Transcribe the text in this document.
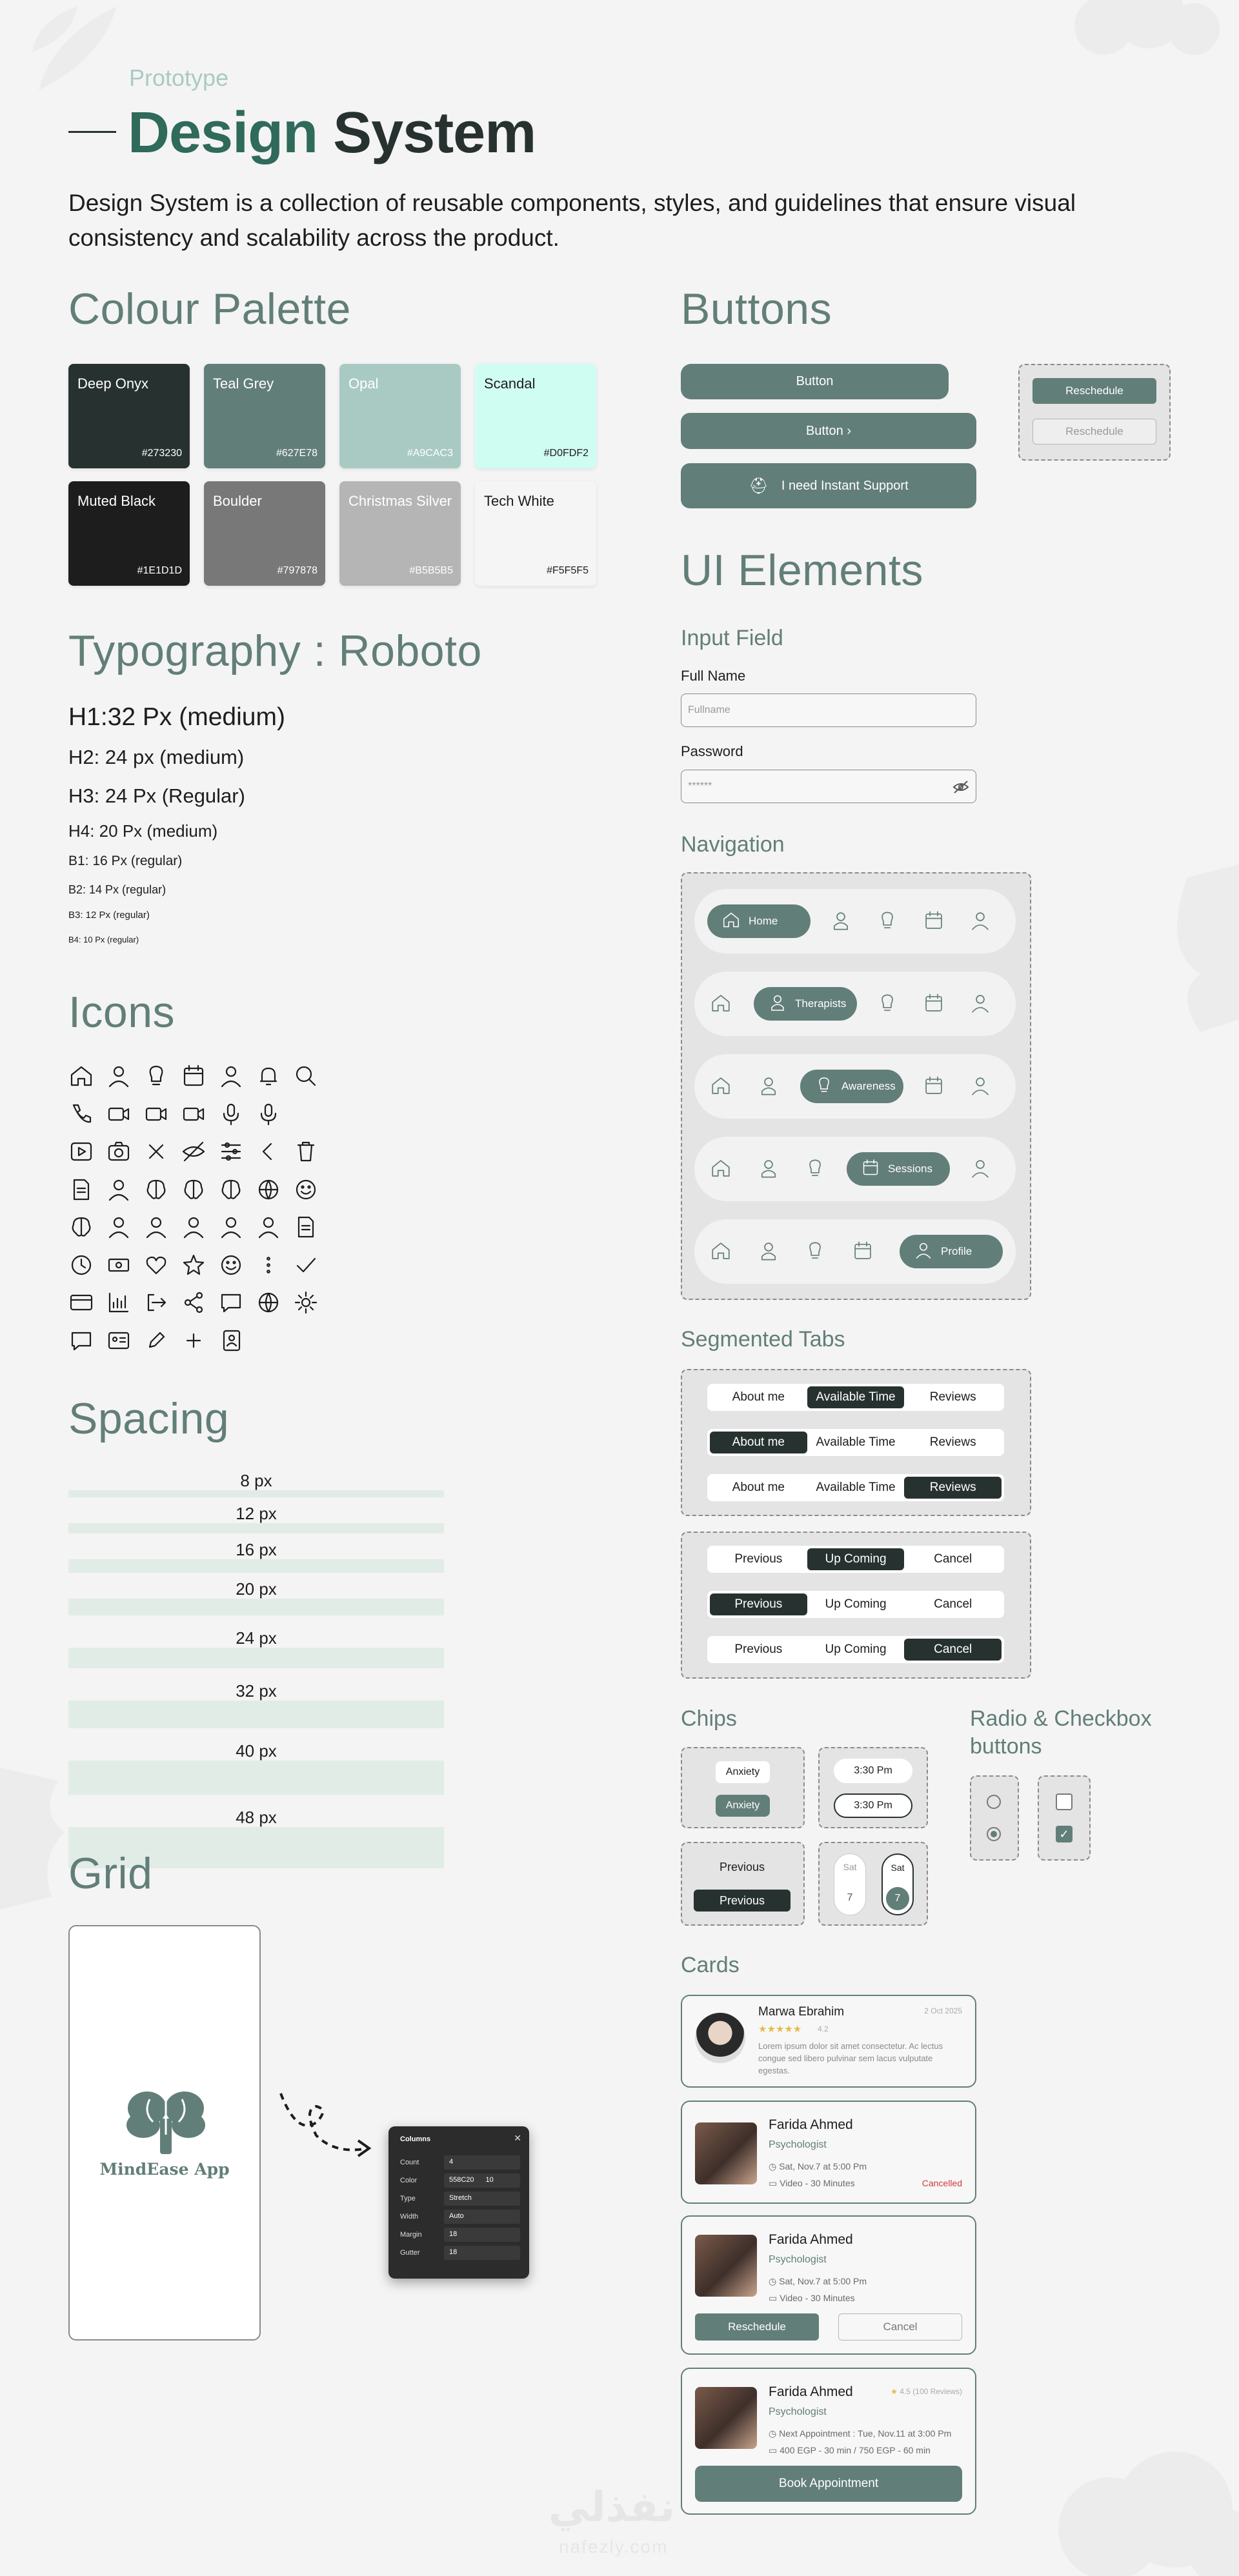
Prototype
Design System
Design System is a collection of reusable components, styles, and guidelines that ensure visual consistency and scalability across the product.
Colour Palette
Deep Onyx
#273230
Teal Grey
#627E78
Opal
#A9CAC3
Scandal
#D0FDF2
Muted Black
#1E1D1D
Boulder
#797878
Christmas Silver
#B5B5B5
Tech White
#F5F5F5
Typography : Roboto
H1:32 Px (medium)
H2: 24 px (medium)
H3: 24 Px (Regular)
H4: 20 Px (medium)
B1: 16 Px (regular)
B2: 14 Px (regular)
B3: 12 Px (regular)
B4: 10 Px (regular)
Icons
Spacing
8 px
12 px
16 px
20 px
24 px
32 px
40 px
48 px
Grid
MindEase App
Columns	✕
Count	4
Color	558C20 10
Type	Stretch
Width	Auto
Margin	18
Gutter	18
Buttons
Button
Button
›
⛑ I need Instant Support
Reschedule
Reschedule
UI Elements
Input Field
Full Name
Fullname
Password
******
Navigation
Home
Therapists
Awareness
Sessions
Profile
Segmented Tabs
About me	Available Time	Reviews
About me	Available Time	Reviews
About me	Available Time	Reviews
Previous	Up Coming	Cancel
Previous	Up Coming	Cancel
Previous	Up Coming	Cancel
Chips	Radio & Checkbox
buttons
Anxiety
Anxiety
3:30 Pm
3:30 Pm
Previous
Previous
Sat
7
Sat
7
✓
Cards
Marwa Ebrahim	2 Oct 2025
★★★★★ 4.2
Lorem ipsum dolor sit amet consectetur. Ac lectus congue sed libero pulvinar sem lacus vulputate egestas.
Farida Ahmed
Psychologist
◷ Sat, Nov.7 at 5:00 Pm
▭ Video - 30 Minutes	Cancelled
Farida Ahmed
Psychologist
◷ Sat, Nov.7 at 5:00 Pm
▭ Video - 30 Minutes
Reschedule	Cancel
Farida Ahmed	★ 4.5 (100 Reviews)
Psychologist
◷ Next Appointment : Tue, Nov.11 at 3:00 Pm
▭ 400 EGP - 30 min / 750 EGP - 60 min
Book Appointment
نفذلي
nafezly.com
